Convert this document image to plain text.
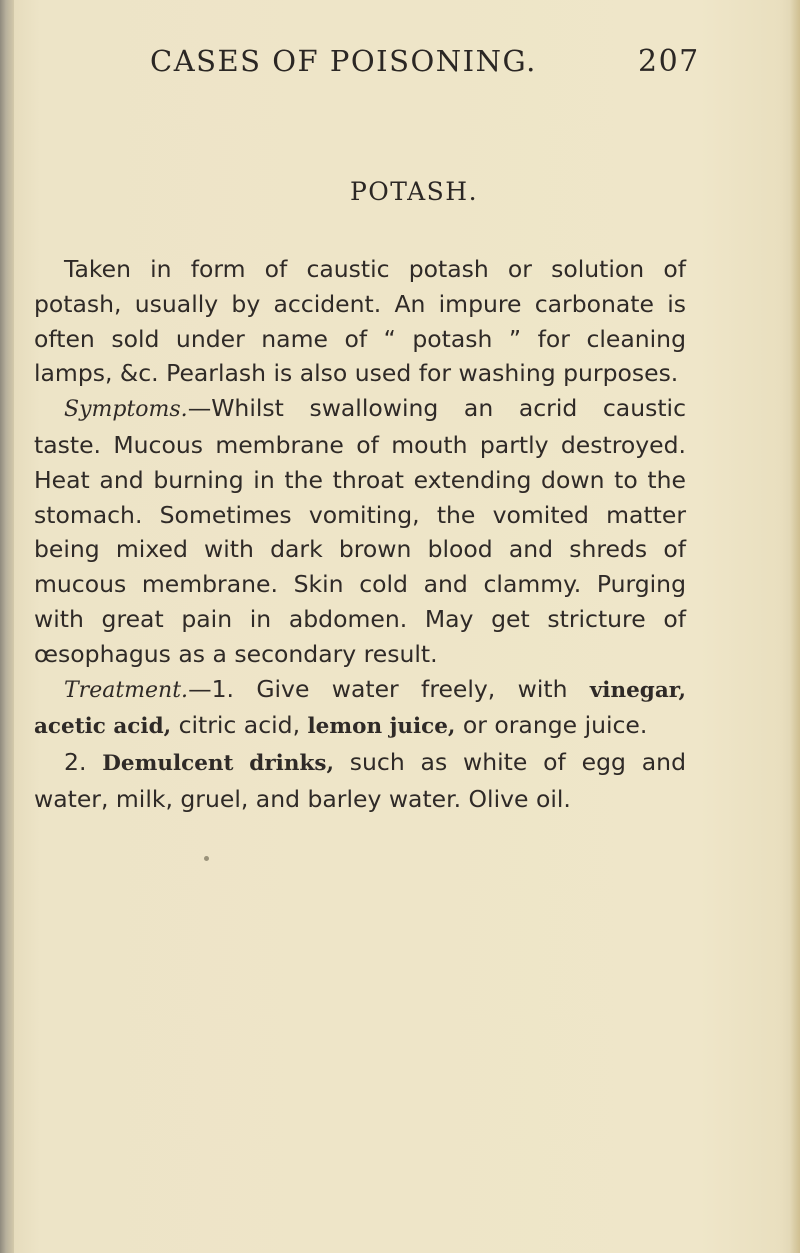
CASES OF POISONING.	207
POTASH.

Taken in form of caustic potash or solution of potash, usually by accident. An impure carbonate is often sold under name of “ potash ” for cleaning lamps, &c. Pearlash is also used for washing purposes.

Symptoms.—Whilst swallowing an acrid caustic taste. Mucous membrane of mouth partly destroyed. Heat and burning in the throat extending down to the stomach. Sometimes vomiting, the vomited matter being mixed with dark brown blood and shreds of mucous membrane. Skin cold and clammy. Purging with great pain in abdomen. May get stricture of œsophagus as a secondary result.

Treatment.—1. Give water freely, with vinegar, acetic acid, citric acid, lemon juice, or orange juice.

2. Demulcent drinks, such as white of egg and water, milk, gruel, and barley water. Olive oil.
